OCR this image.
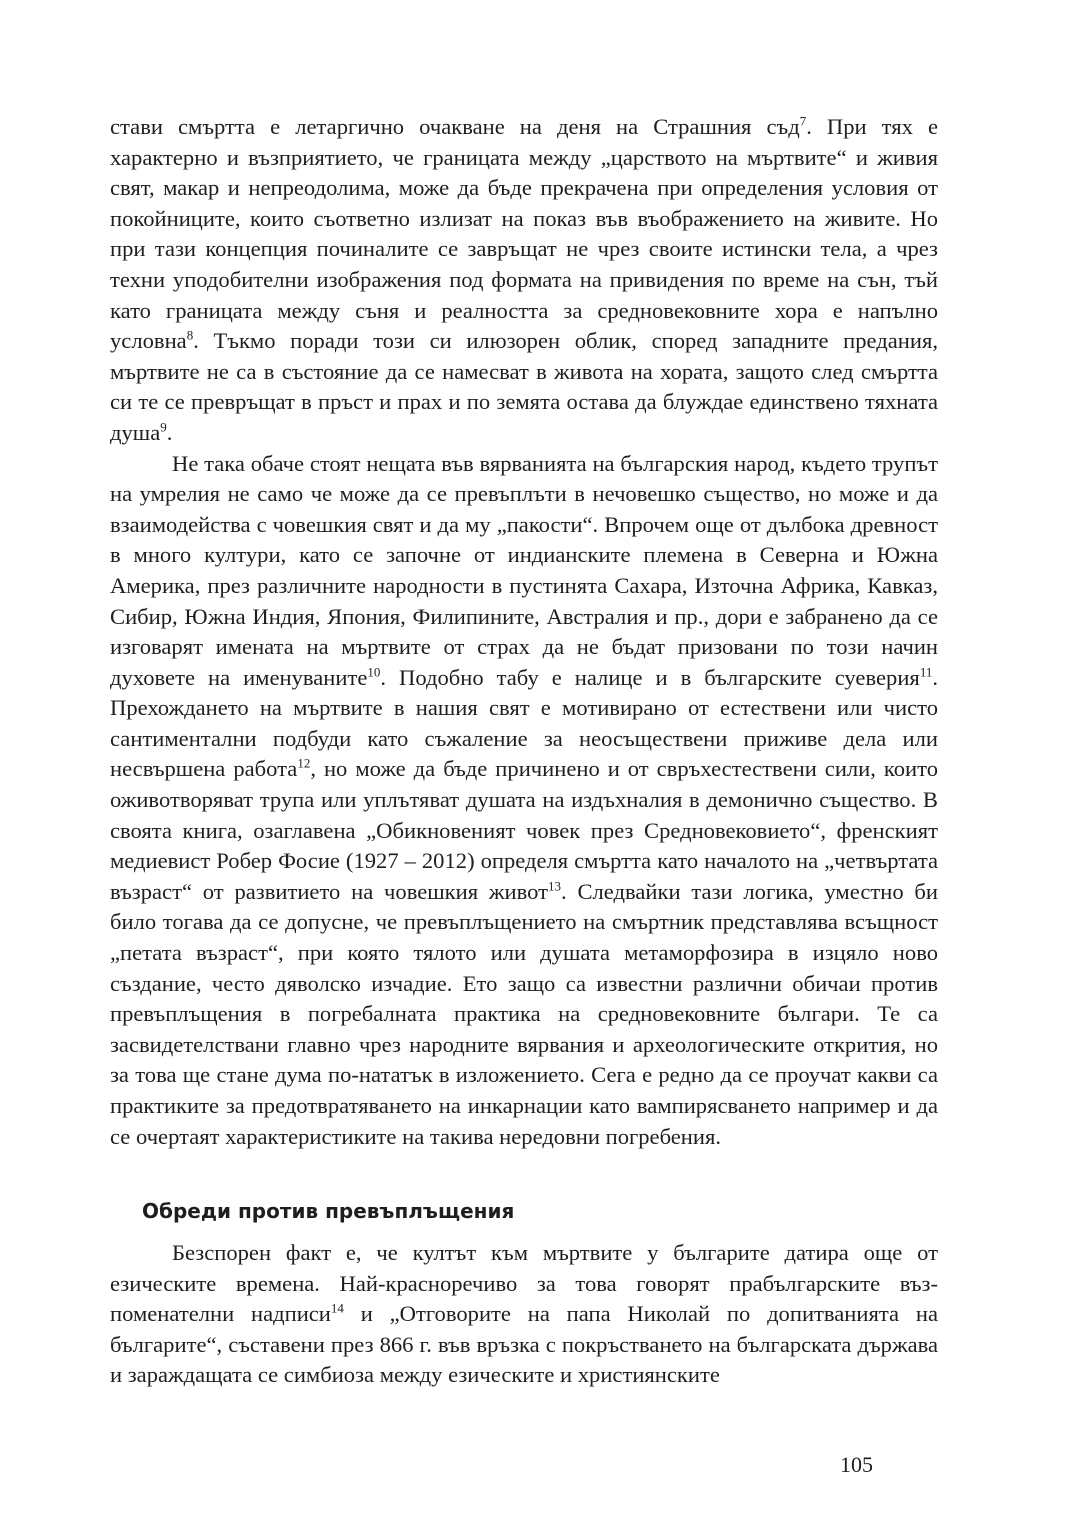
стави смъртта е летаргично очакване на деня на Страшния съд$^7$. При тях е характерно и възприятието, че границата между „царството на мъртвите“ и живия свят, макар и непреодолима, може да бъде прекрачена при определения условия от покойниците, които съответно излизат на показ във въображението на живите. Но при тази концепция починалите се завръщат не чрез своите истински тела, а чрез техни уподобителни изображения под формата на привидения по време на сън, тъй като границата между съня и реалността за средновековните хора е напълно условна$^8$. Тъкмо поради този си илюзорен облик, според западните предания, мъртвите не са в състояние да се намесват в живота на хората, защото след смъртта си те се превръщат в пръст и прах и по земята остава да блуждае единствено тяхната душа$^9$.

Не така обаче стоят нещата във вярванията на българския народ, където трупът на умрелия не само че може да се превъплъти в нечовешко същество, но може и да взаимодейства с човешкия свят и да му „пакости“. Впрочем още от дълбока древност в много култури, като се започне от индианските племена в Северна и Южна Америка, през различните народности в пустинята Сахара, Източна Африка, Кавказ, Сибир, Южна Индия, Япония, Филипините, Австралия и пр., дори е забранено да се изговарят имената на мъртвите от страх да не бъдат призовани по този начин духовете на именуваните$^{10}$. Подобно табу е налице и в българските суеверия$^{11}$. Прехождането на мъртвите в нашия свят е мотивирано от естествени или чисто сантиментални подбуди като съжаление за неосъществени приживе дела или несвършена работа$^{12}$, но може да бъде причинено и от свръхестествени сили, които оживотворяват трупа или уплътяват душата на издъхналия в демонично същество. В своята книга, озаглавена „Обикновеният човек през Средновековието“, френският медиевист Робер Фосие (1927 – 2012) определя смъртта като началото на „четвъртата възраст“ от развитието на човешкия живот$^{13}$. Следвайки тази логика, уместно би било тогава да се допусне, че превъплъщението на смъртник представлява всъщност „петата възраст“, при която тялото или душата метаморфозира в изцяло ново създание, често дяволско изчадие. Ето защо са известни различни обичаи против превъплъщения в погребалната практика на средновековните българи. Те са засвидетелствани главно чрез народните вярвания и археологическите открития, но за това ще стане дума по-нататък в изложението. Сега е редно да се проучат какви са практиките за предотвратяването на инкарнации като вампирясването например и да се очертаят характеристиките на такива нередовни погребения.

Обреди против превъплъщения

Безспорен факт е, че култът към мъртвите у българите датира още от езическите времена. Най-красноречиво за това говорят прабългарските възпоменателни надписи$^{14}$ и „Отговорите на папа Николай по допитванията на българите“, съставени през 866 г. във връзка с покръстването на българската държава и зараждащата се симбиоза между езическите и християнските

105
